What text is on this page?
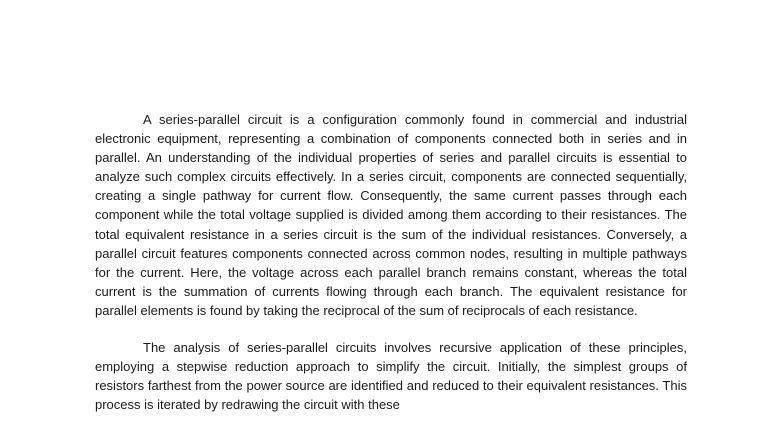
A series-parallel circuit is a configuration commonly found in commercial and industrial electronic equipment, representing a combination of components connected both in series and in parallel. An understanding of the individual properties of series and parallel circuits is essential to analyze such complex circuits effectively. In a series circuit, components are connected sequentially, creating a single pathway for current flow. Consequently, the same current passes through each component while the total voltage supplied is divided among them according to their resistances. The total equivalent resistance in a series circuit is the sum of the individual resistances. Conversely, a parallel circuit features components connected across common nodes, resulting in multiple pathways for the current. Here, the voltage across each parallel branch remains constant, whereas the total current is the summation of currents flowing through each branch. The equivalent resistance for parallel elements is found by taking the reciprocal of the sum of reciprocals of each resistance.

The analysis of series-parallel circuits involves recursive application of these principles, employing a stepwise reduction approach to simplify the circuit. Initially, the simplest groups of resistors farthest from the power source are identified and reduced to their equivalent resistances. This process is iterated by redrawing the circuit with these
